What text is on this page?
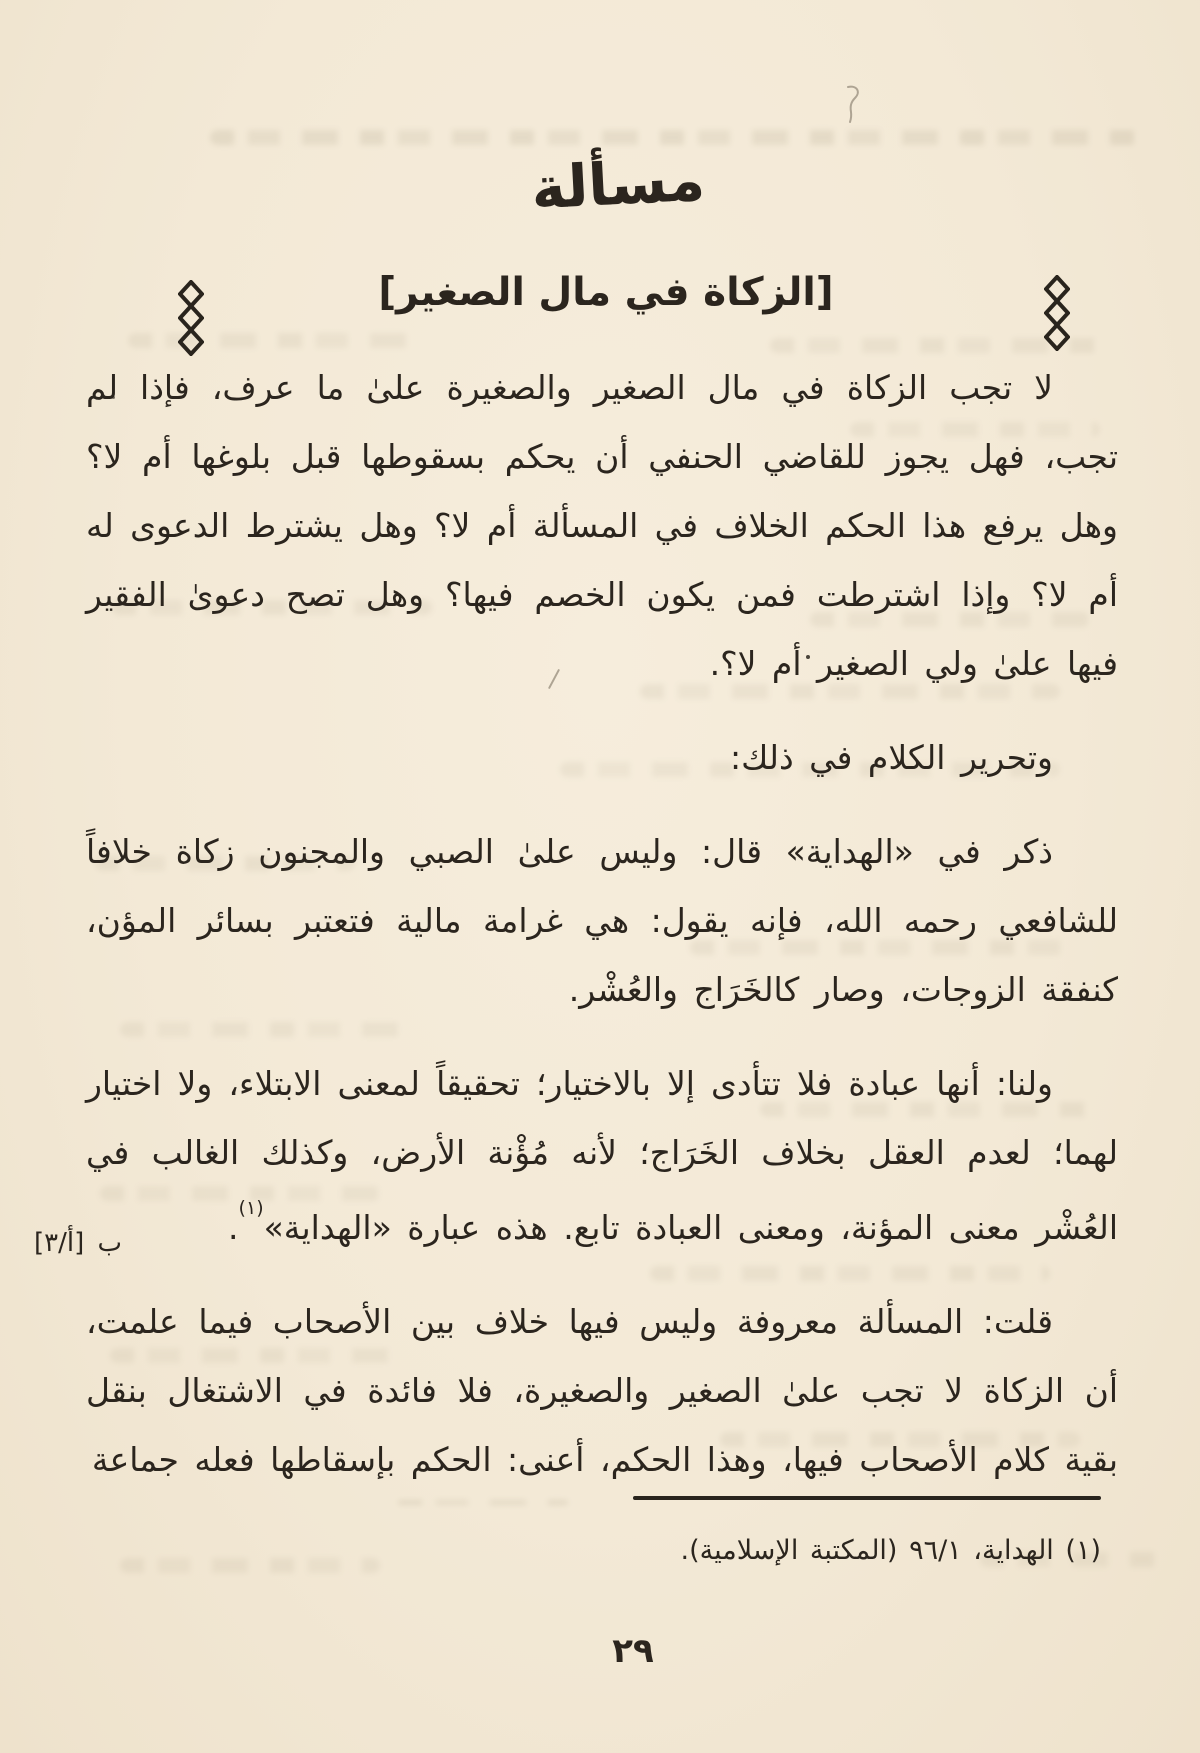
مسألة
[الزكاة في مال الصغير]

لا تجب الزكاة في مال الصغير والصغيرة علىٰ ما عرف، فإذا لم تجب، فهل يجوز للقاضي الحنفي أن يحكم بسقوطها قبل بلوغها أم لا؟ وهل يرفع هذا الحكم الخلاف في المسألة أم لا؟ وهل يشترط الدعوى له أم لا؟ وإذا اشترطت فمن يكون الخصم فيها؟ وهل تصح دعوىٰ الفقير فيها علىٰ ولي الصغير أم لا؟.

وتحرير الكلام في ذلك:

ذكر في «الهداية» قال: وليس علىٰ الصبي والمجنون زكاة خلافاً للشافعي رحمه الله، فإنه يقول: هي غرامة مالية فتعتبر بسائر المؤن، كنفقة الزوجات، وصار كالخَرَاج والعُشْر.

ولنا: أنها عبادة فلا تتأدى إلا بالاختيار؛ تحقيقاً لمعنى الابتلاء، ولا اختيار لهما؛ لعدم العقل بخلاف الخَرَاج؛ لأنه مُؤْنة الأرض، وكذلك الغالب في العُشْر معنى المؤنة، ومعنى العبادة تابع. هذه عبارة «الهداية»$^{(١)}$.
ب [أ/٣]

قلت: المسألة معروفة وليس فيها خلاف بين الأصحاب فيما علمت، أن الزكاة لا تجب علىٰ الصغير والصغيرة، فلا فائدة في الاشتغال بنقل بقية كلام الأصحاب فيها، وهذا الحكم، أعنى: الحكم بإسقاطها فعله جماعة

(١) الهداية، ٩٦/١ (المكتبة الإسلامية).
٢٩
